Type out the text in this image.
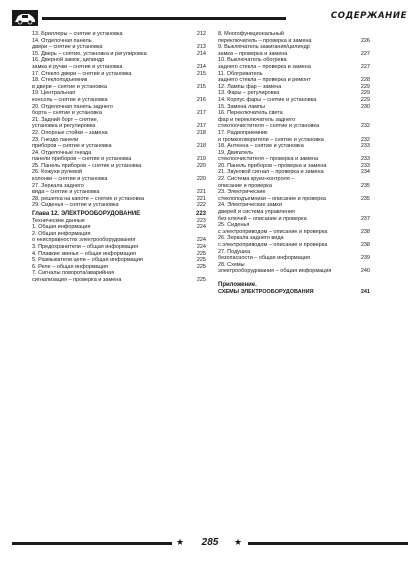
СОДЕРЖАНИЕ
13. Бриллеры – снятие и установка	212
14. Отделочная панель
двери – снятие и установка	213
15. Дверь – снятие, установка и регулировка	214
16. Дверной замок, цилиндр
замка и ручки – снятие и установка	214
17. Стекло двери – снятие и установка	215
18. Стеклоподъемник
в двери – снятие и установка	215
19. Центральная
консоль – снятие и установка	216
20. Отделочная панель заднего
борта – снятие и установка	217
21. Задний борт – снятие,
установка и регулировка	217
22. Опорные стойки – замена	218
23. Гнездо панели
приборов – снятие и установка	218
24. Отделочные гнезда
панели приборов – снятие и установка	219
25. Панель приборов – снятие и установка	220
26. Кожухи рулевой
колонки – снятие и установка	220
27. Зеркала заднего
вида – снятие и установка	221
28. решетка на капоте – снятие и установка	221
29. Сиденья – снятие и установка	222
Глава 12. ЭЛЕКТРООБОРУДОВАНИЕ	223
Технические данные	223
1. Общая информация	224
2. Общая информация
о неисправностях электрооборудования	224
3. Предохранители – общая информация	224
4. Плавкие звенья – общая информация	225
5. Размыкатели цепи – общая информация	225
6. Реле – общая информация	225
7. Сигналы поворота/аварийная
сигнализация – проверка и замена	225
8. Многофункциональный
переключатель – проверка и замена	226
9. Выключатель зажигания/цилиндр
замка – проверка и замена	227
10. Выключатель обогрева
заднего стекла – проверка и замена	227
11. Обогреватель
заднего стекла – проверка и ремонт	228
12. Лампы фар – замена	229
13. Фары – регулировка	229
14. Корпус фары – снятие и установка	229
15. Замена лампы	230
16. Переключатель света
фар и переключатель заднего
стеклоочистителя – снятие и установка	232
17. Радиоприемник
и громкоговорители – снятие и установка	232
18. Антенна – снятие и установка	233
19. Двигатель
стеклоочистителя – проверка и замена	233
20. Панель приборов – проверка и замена	233
21. Звуковой сигнал – проверка и замена	234
22. Система круиз-контроля –
описание и проверка	235
23. Электрические
стеклоподъемники – описание и проверка	235
24. Электрические замки
дверей и система управления
без ключей – описание и проверка	237
25. Сиденья
с электроприводом – описание и проверка	238
26. Зеркала заднего вида
с электроприводом – описание и проверка	238
27. Подушка
безопасности – общая информация	239
28. Схемы
электрооборудования – общая информация	240
Приложение.
СХЕМЫ ЭЛЕКТРООБОРУДОВАНИЯ	241
★	285	★
